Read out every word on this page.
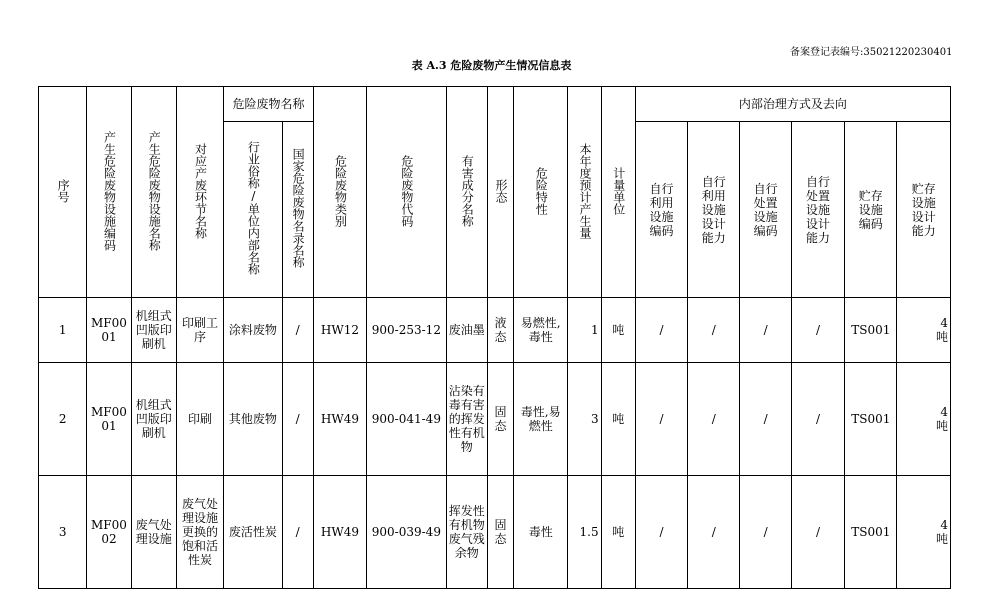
备案登记表编号:35021220230401
表 A.3 危险废物产生情况信息表
序号	产生危险废物设施编码	产生危险废物设施名称	对应产废环节名称	危险废物名称		危险废物类别	危险废物代码	有害成分名称	形态	危险特性	本年度预计产生量	计量单位	内部治理方式及去向					
				行业俗称/单位内部名称	国家危险废物名录名称								自行利用设施编码	自行利用设施设计能力	自行处置设施编码	自行处置设施设计能力	贮存设施编码	贮存设施设计能力

1	MF0001	机组式凹版印刷机	印刷工序	涂料废物	/	HW12	900-253-12	废油墨	液态	易燃性,毒性	1	吨	/	/	/	/	TS001	4
吨
2	MF0001	机组式凹版印刷机	印刷	其他废物	/	HW49	900-041-49	沾染有毒有害的挥发性有机物	固态	毒性,易燃性	3	吨	/	/	/	/	TS001	4
吨
3	MF0002	废气处理设施	废气处理设施更换的饱和活性炭	废活性炭	/	HW49	900-039-49	挥发性有机物废气残余物	固态	毒性	1.5	吨	/	/	/	/	TS001	4
吨
